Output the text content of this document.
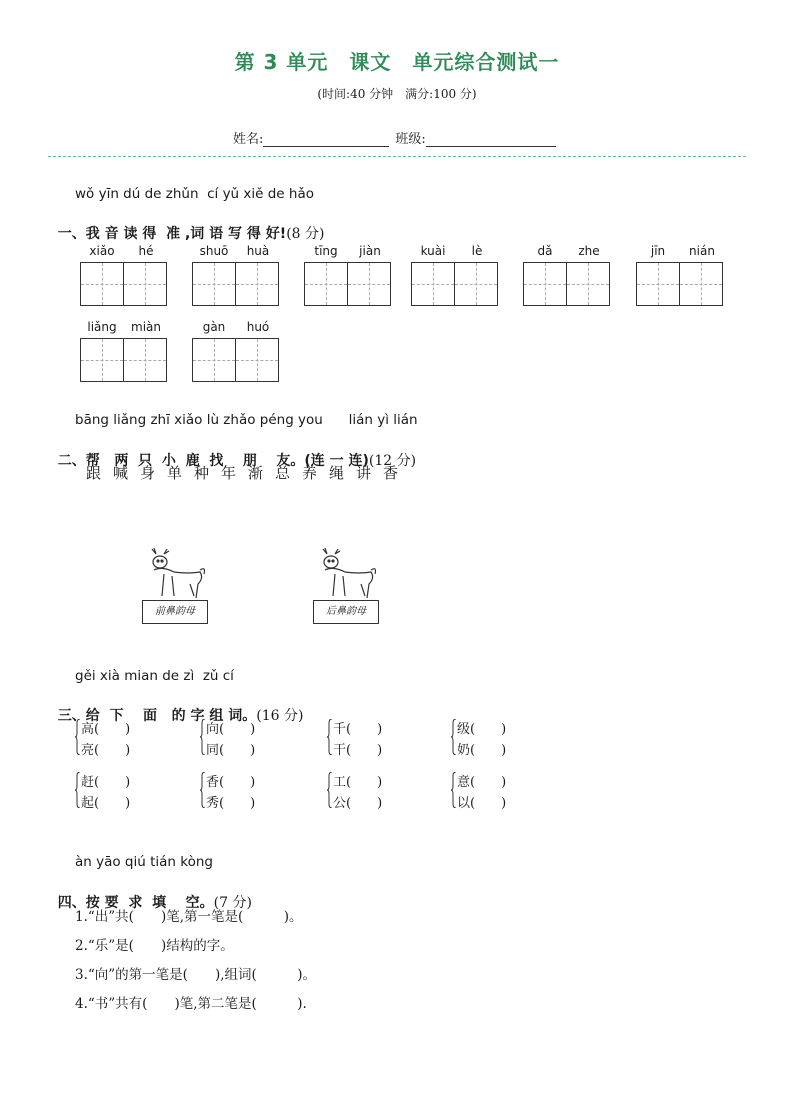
第 3 单元　课文　单元综合测试一
(时间:40 分钟　满分:100 分)
姓名:	班级:
wǒ yīn dú de zhǔn  cí yǔ xiě de hǎo

一、我 音 读 得  准 ,词 语 写 得 好!(8 分)

xiǎo	hé	shuō	huà	tīng	jiàn	kuài	lè	dǎ	zhe	jīn	nián
liǎng	miàn	gàn	huó
bāng liǎng zhī xiǎo lù zhǎo péng you      lián yì lián

二、帮   两  只  小  鹿  找    朋    友。(连 一 连)(12 分)

跟 喊 身 单 种 年 渐 总 养 绳 讲 香
前鼻韵母	后鼻韵母
gěi xià mian de zì  zǔ cí

三、给  下    面   的 字 组 词。(16 分)

高(　　)
亮(　　)
向(　　)
同(　　)
千(　　)
干(　　)
级(　　)
奶(　　)
赶(　　)
起(　　)
香(　　)
秀(　　)
工(　　)
公(　　)
意(　　)
以(　　)
àn yāo qiú tián kòng

四、按 要  求  填    空。(7 分)

1.“出”共(　　)笔,第一笔是(　　　)。
2.“乐”是(　　)结构的字。
3.“向”的第一笔是(　　),组词(　　　)。
4.“书”共有(　　)笔,第二笔是(　　　).
